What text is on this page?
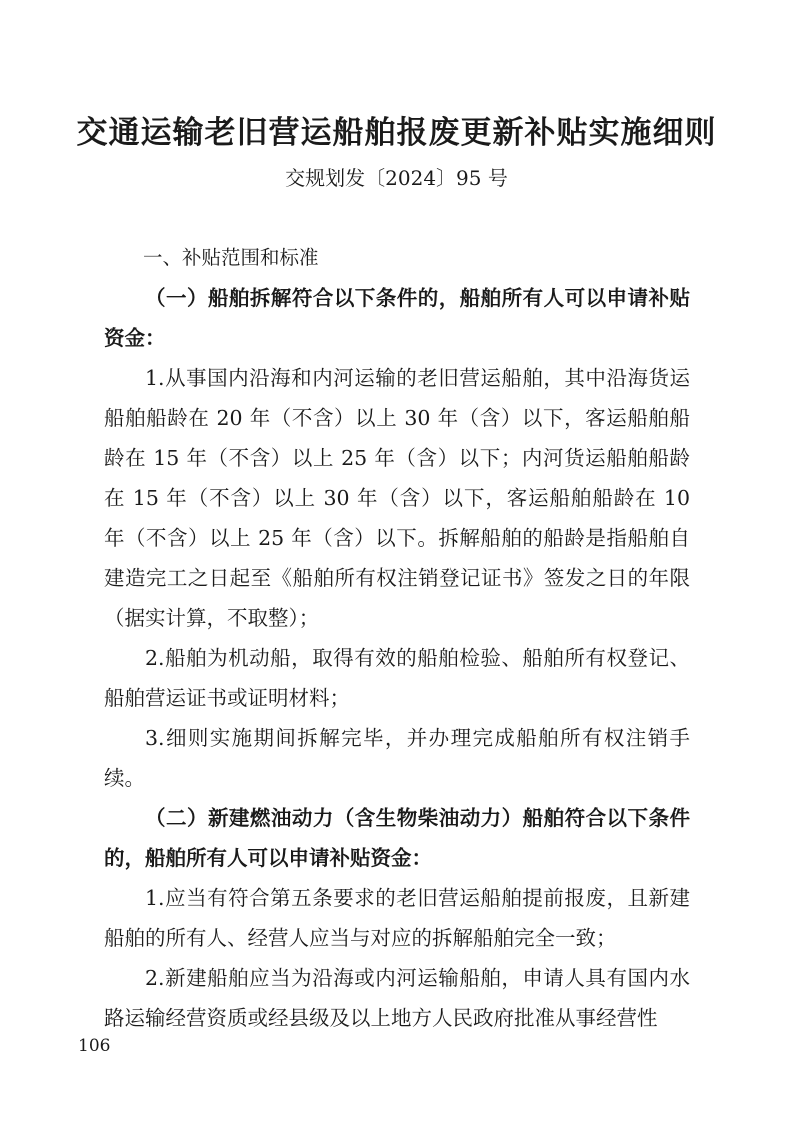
交通运输老旧营运船舶报废更新补贴实施细则
交规划发〔2024〕95 号

一、补贴范围和标准

（一）船舶拆解符合以下条件的，船舶所有人可以申请补贴资金：

1.从事国内沿海和内河运输的老旧营运船舶，其中沿海货运船舶船龄在 20 年（不含）以上 30 年（含）以下，客运船舶船龄在 15 年（不含）以上 25 年（含）以下；内河货运船舶船龄在 15 年（不含）以上 30 年（含）以下，客运船舶船龄在 10 年（不含）以上 25 年（含）以下。拆解船舶的船龄是指船舶自建造完工之日起至《船舶所有权注销登记证书》签发之日的年限（据实计算，不取整）；

2.船舶为机动船，取得有效的船舶检验、船舶所有权登记、船舶营运证书或证明材料；

3.细则实施期间拆解完毕，并办理完成船舶所有权注销手续。

（二）新建燃油动力（含生物柴油动力）船舶符合以下条件的，船舶所有人可以申请补贴资金：

1.应当有符合第五条要求的老旧营运船舶提前报废，且新建船舶的所有人、经营人应当与对应的拆解船舶完全一致；

2.新建船舶应当为沿海或内河运输船舶，申请人具有国内水路运输经营资质或经县级及以上地方人民政府批准从事经营性

106
